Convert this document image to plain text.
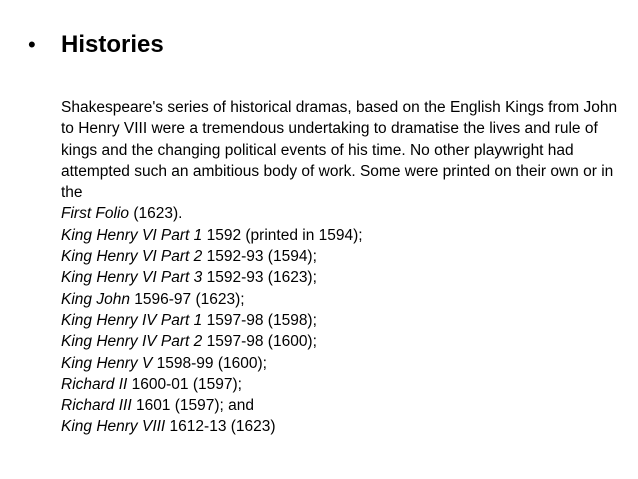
•	Histories

Shakespeare's series of historical dramas, based on the English Kings from John to Henry VIII were a tremendous undertaking to dramatise the lives and rule of kings and the changing political events of his time. No other playwright had attempted such an ambitious body of work. Some were printed on their own or in the

First Folio (1623).
King Henry VI Part 1 1592 (printed in 1594);
King Henry VI Part 2 1592-93 (1594);
King Henry VI Part 3 1592-93 (1623);
King John 1596-97 (1623);
King Henry IV Part 1 1597-98 (1598);
King Henry IV Part 2 1597-98 (1600);
King Henry V 1598-99 (1600);
Richard II 1600-01 (1597);
Richard III 1601 (1597); and
King Henry VIII 1612-13 (1623)
